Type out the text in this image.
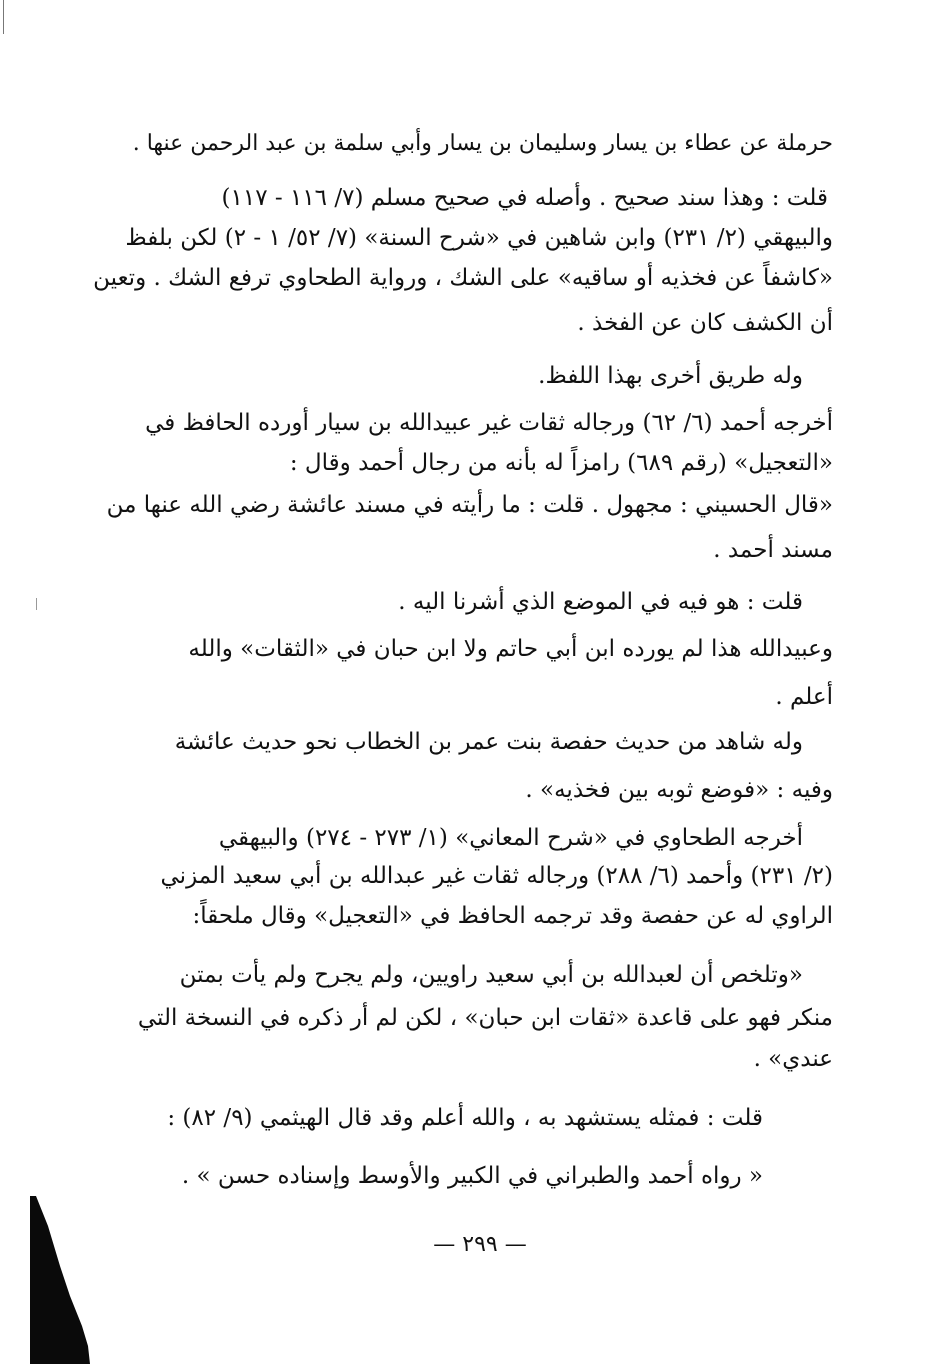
حرملة عن عطاء بن يسار وسليمان بن يسار وأبي سلمة بن عبد الرحمن عنها .
قلت : وهذا سند صحيح . وأصله في صحيح مسلم (٧/ ١١٦ - ١١٧)
والبيهقي (٢/ ٢٣١) وابن شاهين في «شرح السنة» (٧/ ٥٢/ ١ - ٢) لكن بلفظ
«كاشفاً عن فخذيه أو ساقيه» على الشك ، ورواية الطحاوي ترفع الشك . وتعين
أن الكشف كان عن الفخذ .
وله طريق أخرى بهذا اللفظ.
أخرجه أحمد (٦/ ٦٢) ورجاله ثقات غير عبيدالله بن سيار أورده الحافظ في
«التعجيل» (رقم ٦٨٩) رامزاً له بأنه من رجال أحمد وقال :
«قال الحسيني : مجهول . قلت : ما رأيته في مسند عائشة رضي الله عنها من
مسند أحمد .
قلت : هو فيه في الموضع الذي أشرنا اليه .
وعبيدالله هذا لم يورده ابن أبي حاتم ولا ابن حبان في «الثقات» والله
أعلم .
وله شاهد من حديث حفصة بنت عمر بن الخطاب نحو حديث عائشة
وفيه : «فوضع ثوبه بين فخذيه» .
أخرجه الطحاوي في «شرح المعاني» (١/ ٢٧٣ - ٢٧٤) والبيهقي
(٢/ ٢٣١) وأحمد (٦/ ٢٨٨) ورجاله ثقات غير عبدالله بن أبي سعيد المزني
الراوي له عن حفصة وقد ترجمه الحافظ في «التعجيل» وقال ملحقاً:
«وتلخص أن لعبدالله بن أبي سعيد راويين، ولم يجرح ولم يأت بمتن
منكر فهو على قاعدة «ثقات ابن حبان» ، لكن لم أر ذكره في النسخة التي
عندي» .
قلت : فمثله يستشهد به ، والله أعلم وقد قال الهيثمي (٩/ ٨٢) :
« رواه أحمد والطبراني في الكبير والأوسط وإسناده حسن » .
— ٢٩٩ —
